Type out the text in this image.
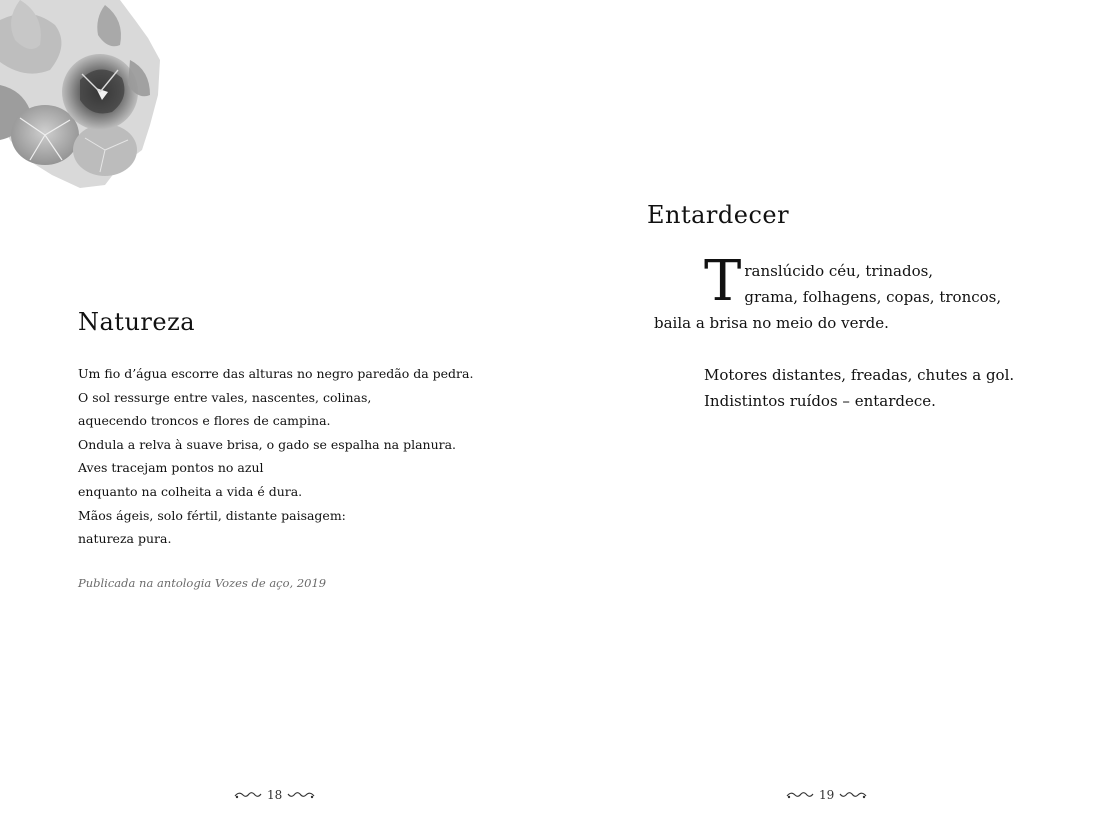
Natureza
Um fio d’água escorre das alturas no negro paredão da pedra.
O sol ressurge entre vales, nascentes, colinas,
aquecendo troncos e flores de campina.
Ondula a relva à suave brisa, o gado se espalha na planura.
Aves tracejam pontos no azul
enquanto na colheita a vida é dura.
Mãos ágeis, solo fértil, distante paisagem:
natureza pura.
Publicada na antologia Vozes de aço, 2019
18
Entardecer
T ranslúcido céu, trinados,
grama, folhagens, copas, troncos,
baila a brisa no meio do verde.
Motores distantes, freadas, chutes a gol.
Indistintos ruídos – entardece.
19
